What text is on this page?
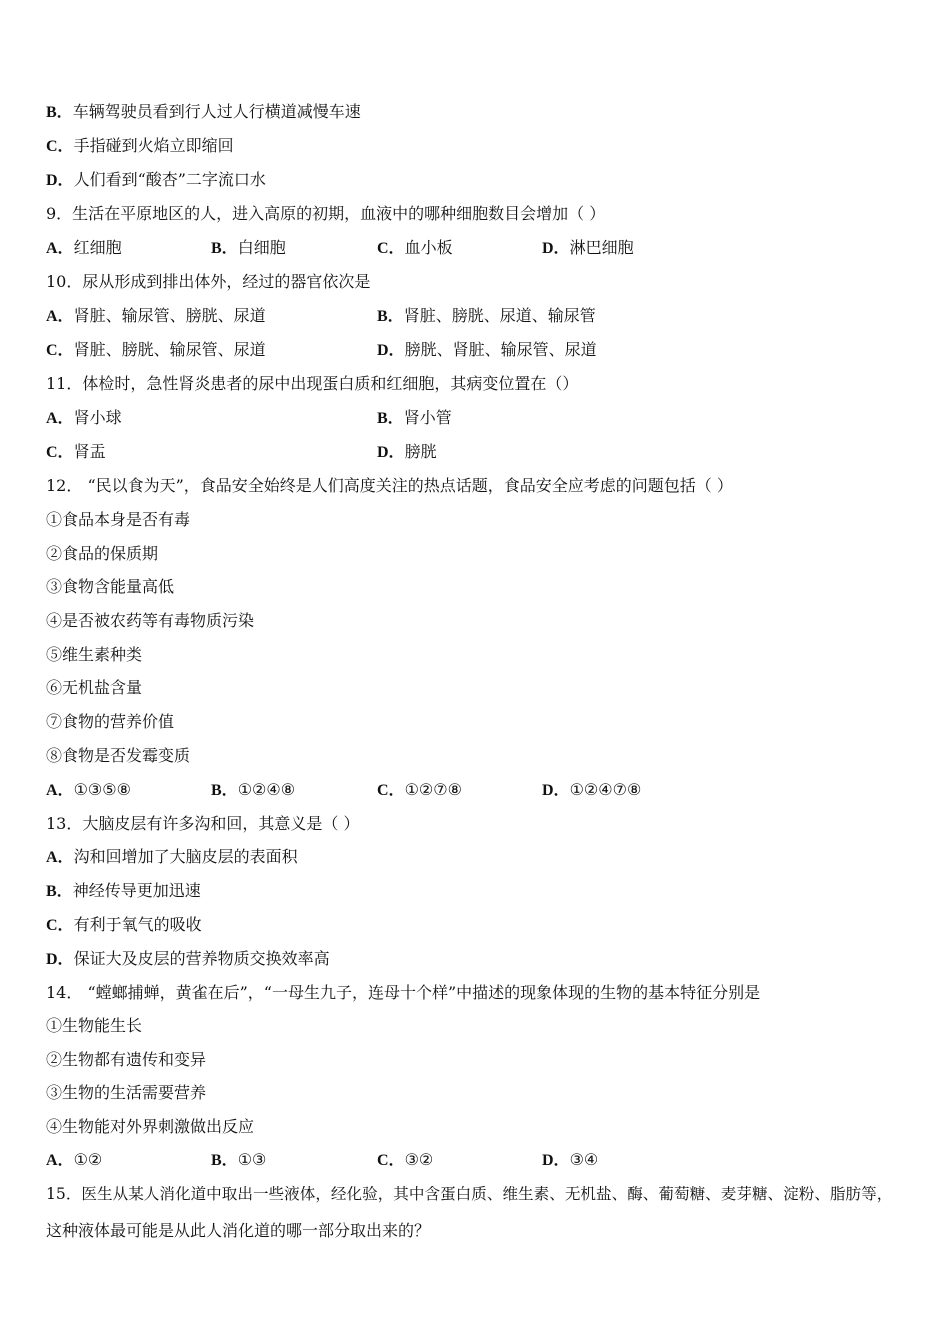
B．车辆驾驶员看到行人过人行横道减慢车速
C．手指碰到火焰立即缩回
D．人们看到“酸杏”二字流口水
9．生活在平原地区的人，进入高原的初期，血液中的哪种细胞数目会增加（ ）
A．红细胞	B．白细胞	C．血小板	D．淋巴细胞
10．尿从形成到排出体外，经过的器官依次是
A．肾脏、输尿管、膀胱、尿道	B．肾脏、膀胱、尿道、输尿管
C．肾脏、膀胱、输尿管、尿道	D．膀胱、肾脏、输尿管、尿道
11．体检时，急性肾炎患者的尿中出现蛋白质和红细胞，其病变位置在（）
A．肾小球	B．肾小管
C．肾盂	D．膀胱
12． “民以食为天”，食品安全始终是人们高度关注的热点话题，食品安全应考虑的问题包括（ ）
①食品本身是否有毒
②食品的保质期
③食物含能量高低
④是否被农药等有毒物质污染
⑤维生素种类
⑥无机盐含量
⑦食物的营养价值
⑧食物是否发霉变质
A．①③⑤⑧	B．①②④⑧	C．①②⑦⑧	D．①②④⑦⑧
13．大脑皮层有许多沟和回，其意义是（ ）
A．沟和回增加了大脑皮层的表面积
B．神经传导更加迅速
C．有利于氧气的吸收
D．保证大及皮层的营养物质交换效率高
14． “螳螂捕蝉，黄雀在后”，“一母生九子，连母十个样”中描述的现象体现的生物的基本特征分别是
①生物能生长
②生物都有遗传和变异
③生物的生活需要营养
④生物能对外界刺激做出反应
A．①②	B．①③	C．③②	D．③④
15．医生从某人消化道中取出一些液体，经化验，其中含蛋白质、维生素、无机盐、酶、葡萄糖、麦芽糖、淀粉、脂肪等，
这种液体最可能是从此人消化道的哪一部分取出来的？
